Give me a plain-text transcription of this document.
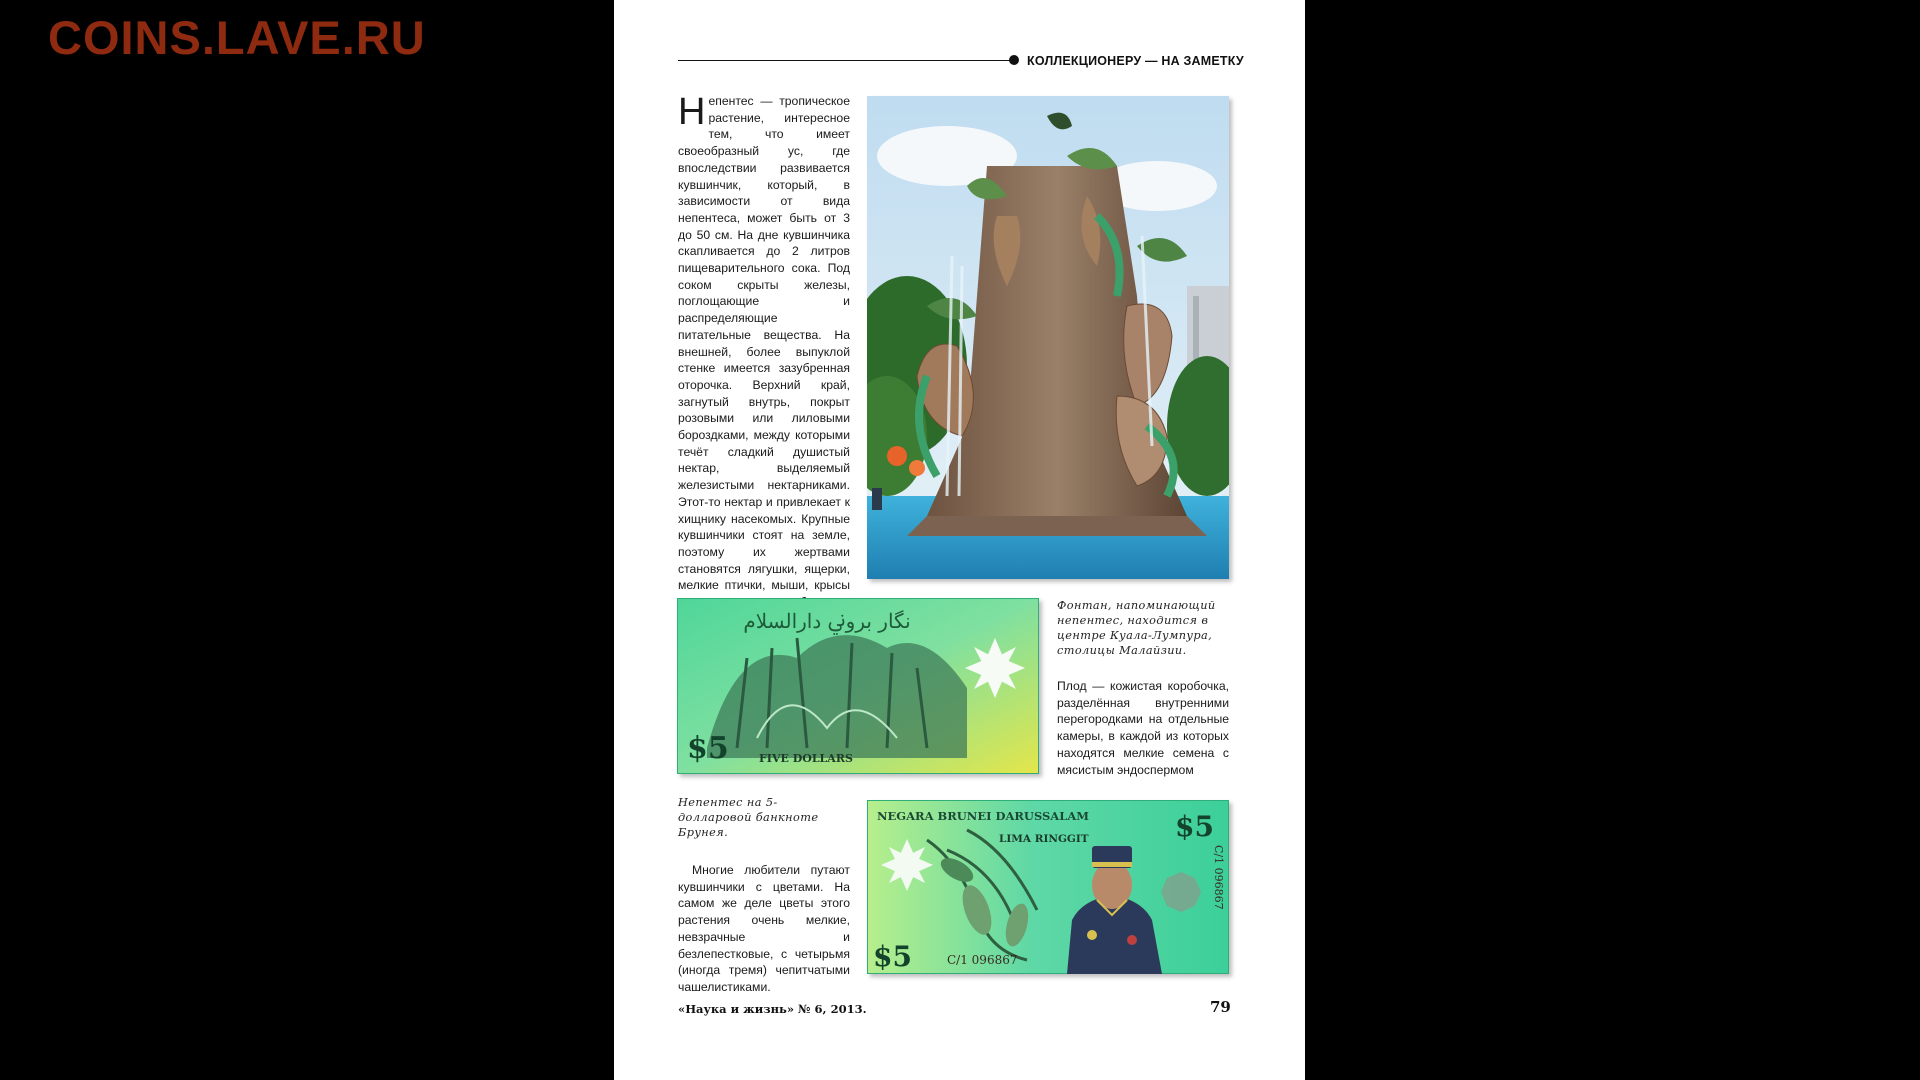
COINS.LAVE.RU	КОЛЛЕКЦИОНЕРУ — НА ЗАМЕТКУ
Непентес — тропическое растение, интересное тем, что имеет своеобразный ус, где впоследствии развивается кувшинчик, который, в зависимости от вида непентеса, может быть от 3 до 50 см. На дне кувшинчика скапливается до 2 литров пищеварительного сока. Под соком скрыты железы, поглощающие и распределяющие питательные вещества. На внешней, более выпуклой стенке имеется зазубренная оторочка. Верхний край, загнутый внутрь, покрыт розовыми или лиловыми бороздками, между которыми течёт сладкий душистый нектар, выделяемый железистыми нектарниками. Этот-то нектар и привлекает к хищнику насекомых. Крупные кувшинчики стоят на земле, поэтому их жертвами становятся лягушки, ящерки, мелкие птички, мыши, крысы
ﻧﮕﺎر ﺑﺮوﱐ دارالسلام
$5	FIVE DOLLARS
Фонтан, напоминающий непентес, находится в центре Куала-Лумпура, столицы Малайзии.
Плод — кожистая коробочка, разделённая внутренними перегородками на отдельные камеры, в каждой из которых находятся мелкие семена с мясистым эндоспермом
Непентес на 5-долларовой банкноте Брунея.
NEGARA BRUNEI DARUSSALAM
LIMA RINGGIT	$5
$5	C/1 096867
C/1 096867
Многие любители путают кувшинчики с цветами. На самом же деле цветы этого растения очень мелкие, невзрачные и безлепестковые, с четырьмя (иногда тремя) чепитчатыми чашелистиками.
«Наука и жизнь» № 6, 2013.	79
